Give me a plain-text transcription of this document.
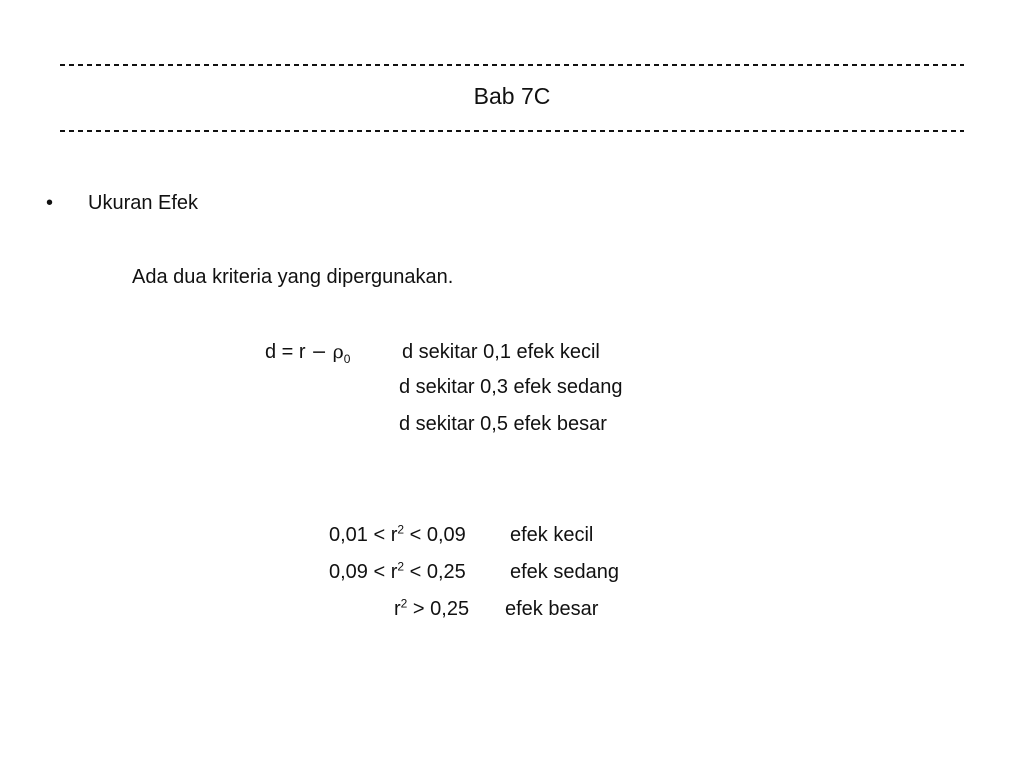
Bab 7C
• Ukuran Efek
Ada dua kriteria yang dipergunakan.
$d = r - \rho_0$	d sekitar 0,1 efek kecil
d sekitar 0,3 efek sedang
d sekitar 0,5 efek besar
$0,01 < r^2 < 0,09$ efek kecil
$0,09 < r^2 < 0,25$ efek sedang
$r^2 > 0,25$ efek besar
